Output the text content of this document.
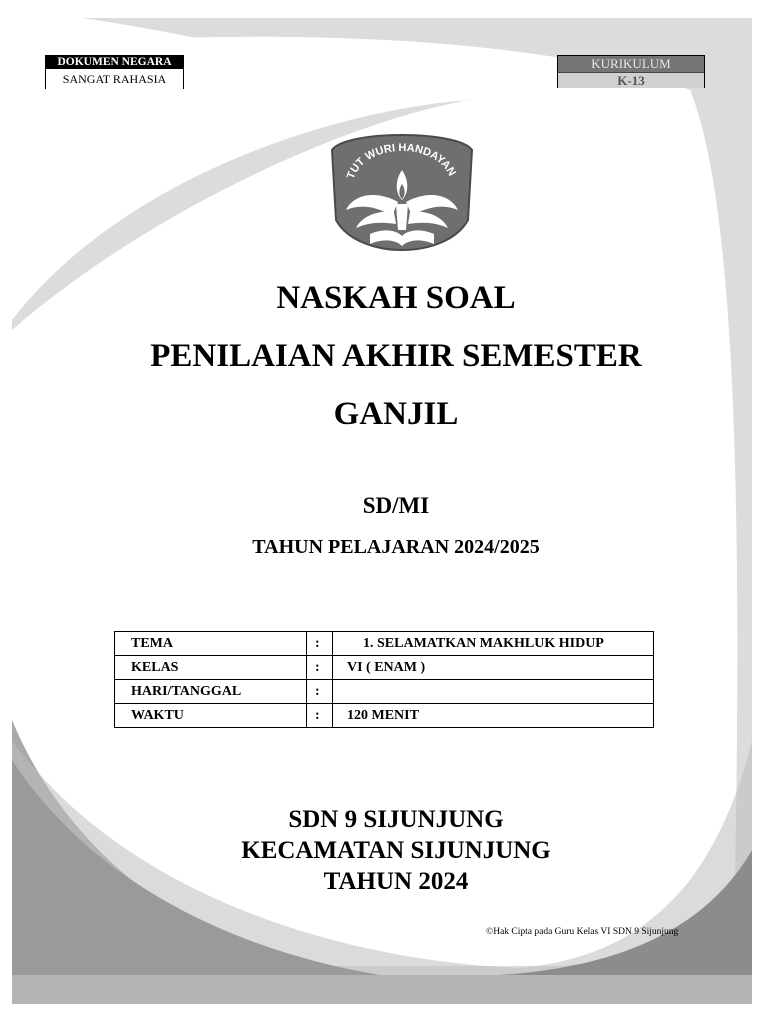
DOKUMEN NEGARA
SANGAT RAHASIA
KURIKULUM
K-13
TUT WURI HANDAYAN
NASKAH SOAL
PENILAIAN AKHIR SEMESTER
GANJIL
SD/MI
TAHUN PELAJARAN 2024/2025
TEMA	:	1. SELAMATKAN MAKHLUK HIDUP
KELAS	:	VI ( ENAM )
HARI/TANGGAL	:	
WAKTU	:	120 MENIT
SDN 9 SIJUNJUNG
KECAMATAN SIJUNJUNG
TAHUN 2024
©Hak Cipta pada Guru Kelas VI SDN 9 Sijunjung
